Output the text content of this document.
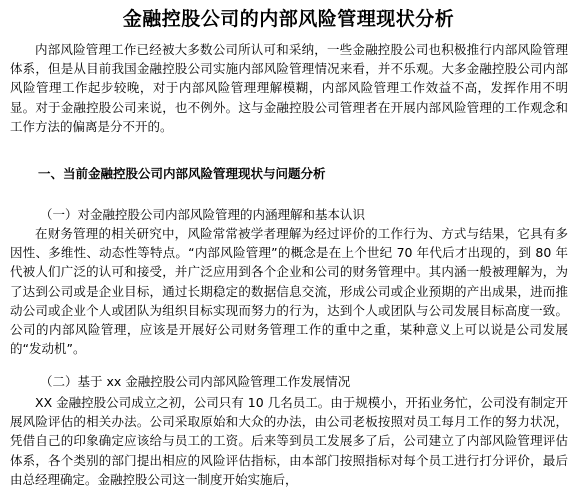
金融控股公司的内部风险管理现状分析

内部风险管理工作已经被大多数公司所认可和采纳，一些金融控股公司也积极推行内部风险管理体系，但是从目前我国金融控股公司实施内部风险管理情况来看，并不乐观。大多金融控股公司内部风险管理工作起步较晚，对于内部风险管理理解模糊，内部风险管理工作效益不高，发挥作用不明显。对于金融控股公司来说，也不例外。这与金融控股公司管理者在开展内部风险管理的工作观念和工作方法的偏离是分不开的。

一、当前金融控股公司内部风险管理现状与问题分析

（一）对金融控股公司内部风险管理的内涵理解和基本认识

在财务管理的相关研究中，风险常常被学者理解为经过评价的工作行为、方式与结果，它具有多因性、多维性、动态性等特点。“内部风险管理”的概念是在上个世纪 70 年代后才出现的，到 80 年代被人们广泛的认可和接受，并广泛应用到各个企业和公司的财务管理中。其内涵一般被理解为，为了达到公司或是企业目标，通过长期稳定的数据信息交流，形成公司或企业预期的产出成果，进而推动公司或企业个人或团队为组织目标实现而努力的行为，达到个人或团队与公司发展目标高度一致。公司的内部风险管理，应该是开展好公司财务管理工作的重中之重，某种意义上可以说是公司发展的“发动机”。

（二）基于 xx 金融控股公司内部风险管理工作发展情况

XX 金融控股公司成立之初，公司只有 10 几名员工。由于规模小，开拓业务忙，公司没有制定开展风险评估的相关办法。公司采取原始和大众的办法，由公司老板按照对员工每月工作的努力状况，凭借自己的印象确定应该给与员工的工资。后来等到员工发展多了后，公司建立了内部风险管理评估体系，各个类别的部门提出相应的风险评估指标，由本部门按照指标对每个员工进行打分评价，最后由总经理确定。金融控股公司这一制度开始实施后，
